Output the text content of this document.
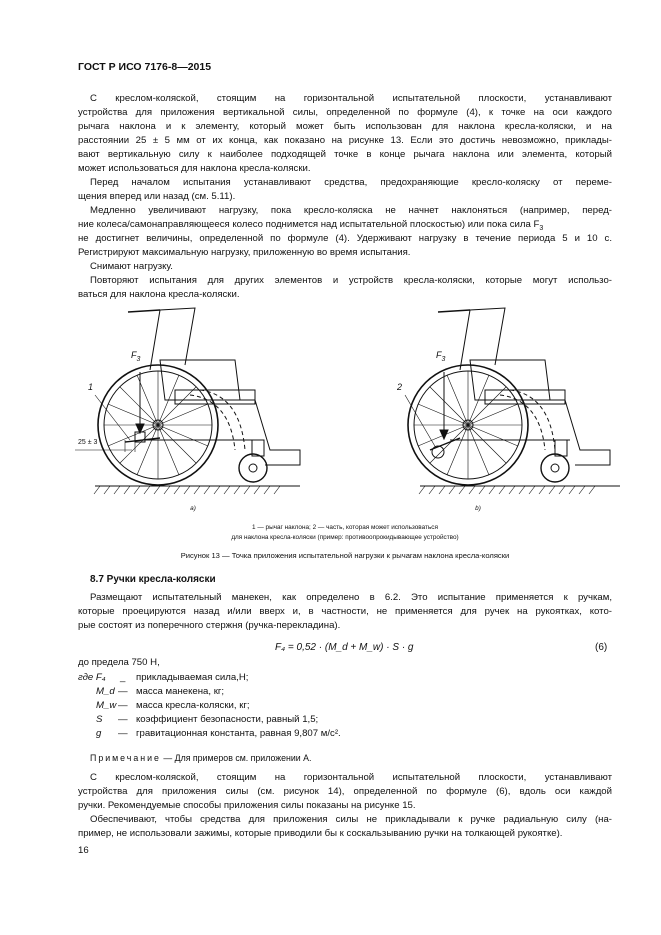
ГОСТ Р ИСО 7176-8—2015

С креслом-коляской, стоящим на горизонтальной испытательной плоскости, устанавливают

устройства для приложения вертикальной силы, определенной по формуле (4), к точке на оси каждого

рычага наклона и к элементу, который может быть использован для наклона кресла-коляски, и на

расстоянии 25 ± 5 мм от их конца, как показано на рисунке 13. Если это достичь невозможно, приклады-

вают вертикальную силу к наиболее подходящей точке в конце рычага наклона или элемента, который

может использоваться для наклона кресла-коляски.

Перед началом испытания устанавливают средства, предохраняющие кресло-коляску от переме-

щения вперед или назад (см. 5.11).

Медленно увеличивают нагрузку, пока кресло-коляска не начнет наклоняться (например, перед-

ние колеса/самонаправляющееся колесо поднимется над испытательной плоскостью) или пока сила $F_3$

не достигнет величины, определенной по формуле (4). Удерживают нагрузку в течение периода 5 и 10 с.

Регистрируют максимальную нагрузку, приложенную во время испытания.

Снимают нагрузку.

Повторяют испытания для других элементов и устройств кресла-коляски, которые могут использо-

ваться для наклона кресла-коляски.

$F_3$	$F_3$
1	2
25 ± 3
a)	b)
1 — рычаг наклона; 2 — часть, которая может использоваться
для наклона кресла-коляски (пример: противоопрокидывающее устройство)
Рисунок 13 — Точка приложения испытательной нагрузки к рычагам наклона кресла-коляски
8.7 Ручки кресла-коляски

Размещают испытательный манекен, как определено в 6.2. Это испытание применяется к ручкам,

которые проецируются назад и/или вверх и, в частности, не применяется для ручек на рукоятках, кото-

рые состоят из поперечного стержня (ручка-перекладина).

F₄ = 0,52 · (M_d + M_w) · S · g	(6)

до предела 750 Н,

где F₄ _ прикладываемая сила,Н;
M_d — масса манекена, кг;
M_w — масса кресла-коляски, кг;
S — коэффициент безопасности, равный 1,5;
g — гравитационная константа, равная 9,807 м/с².
Примечание — Для примеров см. приложении А.

С креслом-коляской, стоящим на горизонтальной испытательной плоскости, устанавливают

устройства для приложения силы (см. рисунок 14), определенной по формуле (6), вдоль оси каждой

ручки. Рекомендуемые способы приложения силы показаны на рисунке 15.

Обеспечивают, чтобы средства для приложения силы не прикладывали к ручке радиальную силу (на-

пример, не использовали зажимы, которые приводили бы к соскальзыванию ручки на толкающей рукоятке).

16
